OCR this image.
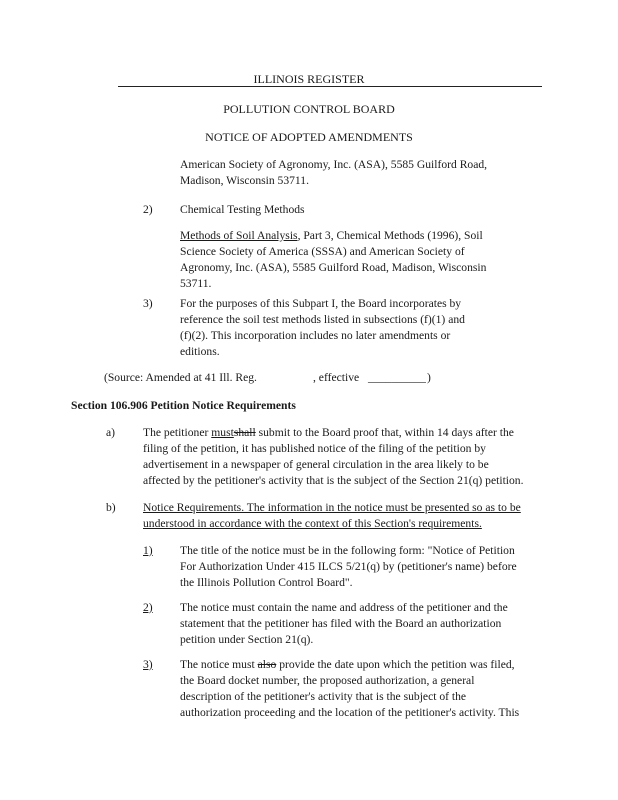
ILLINOIS REGISTER
POLLUTION CONTROL BOARD
NOTICE OF ADOPTED AMENDMENTS
American Society of Agronomy, Inc. (ASA), 5585 Guilford Road,
Madison, Wisconsin 53711.
2) Chemical Testing Methods
Methods of Soil Analysis, Part 3, Chemical Methods (1996), Soil
Science Society of America (SSSA) and American Society of
Agronomy, Inc. (ASA), 5585 Guilford Road, Madison, Wisconsin
53711.
3) For the purposes of this Subpart I, the Board incorporates by
reference the soil test methods listed in subsections (f)(1) and
(f)(2). This incorporation includes no later amendments or
editions.
(Source: Amended at 41 Ill. Reg.	, effective __________ )
Section 106.906 Petition Notice Requirements
a) The petitioner mustshall submit to the Board proof that, within 14 days after the
filing of the petition, it has published notice of the filing of the petition by
advertisement in a newspaper of general circulation in the area likely to be
affected by the petitioner's activity that is the subject of the Section 21(q) petition.
b) Notice Requirements. The information in the notice must be presented so as to be
understood in accordance with the context of this Section's requirements.
1) The title of the notice must be in the following form: "Notice of Petition
For Authorization Under 415 ILCS 5/21(q) by (petitioner's name) before
the Illinois Pollution Control Board".
2) The notice must contain the name and address of the petitioner and the
statement that the petitioner has filed with the Board an authorization
petition under Section 21(q).
3) The notice must also provide the date upon which the petition was filed,
the Board docket number, the proposed authorization, a general
description of the petitioner's activity that is the subject of the
authorization proceeding and the location of the petitioner's activity. This
